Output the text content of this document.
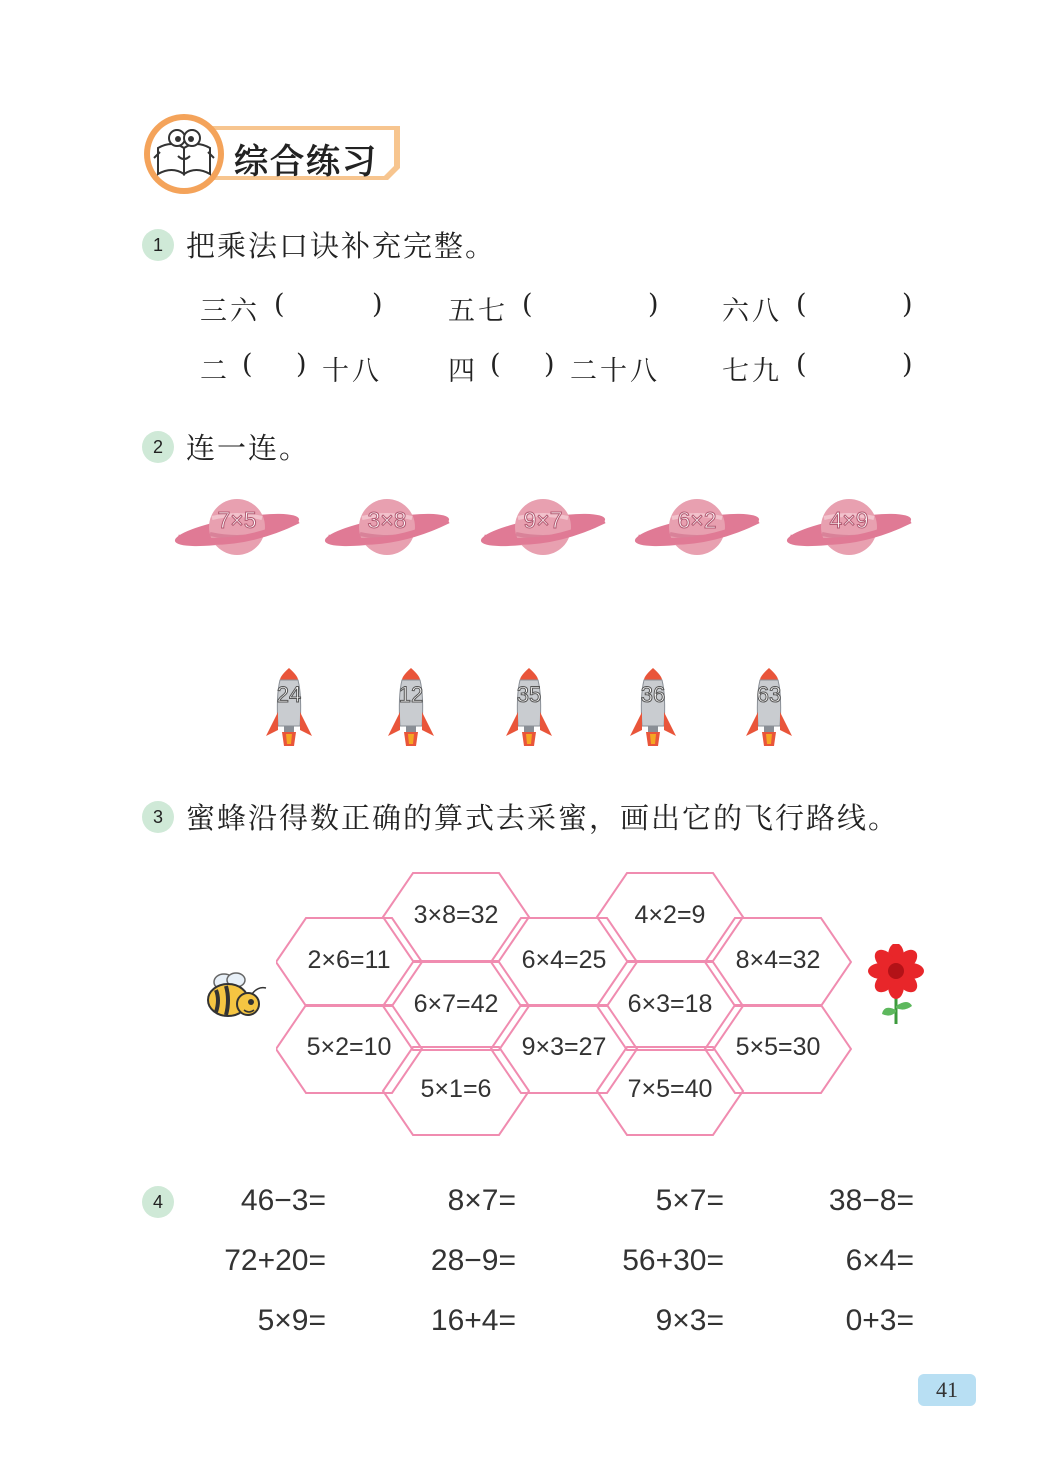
综合练习
1 把乘法口诀补充完整。
三六 (	) 五七 (	) 六八 (	)
二 ( ) 十八 四 ( ) 二十八 七九 (	)
2 连一连。
7×5	3×8	9×7	6×2	4×9
24	12	35	36	63
3 蜜蜂沿得数正确的算式去采蜜，画出它的飞行路线。
3×8=32	4×2=9
2×6=11	6×4=25	8×4=32
6×7=42	6×3=18
5×2=10	9×3=27	5×5=30
5×1=6	7×5=40
4	46−3=	8×7=	5×7=	38−8=
72+20=	28−9=	56+30=	6×4=
5×9=	16+4=	9×3=	0+3=
41
